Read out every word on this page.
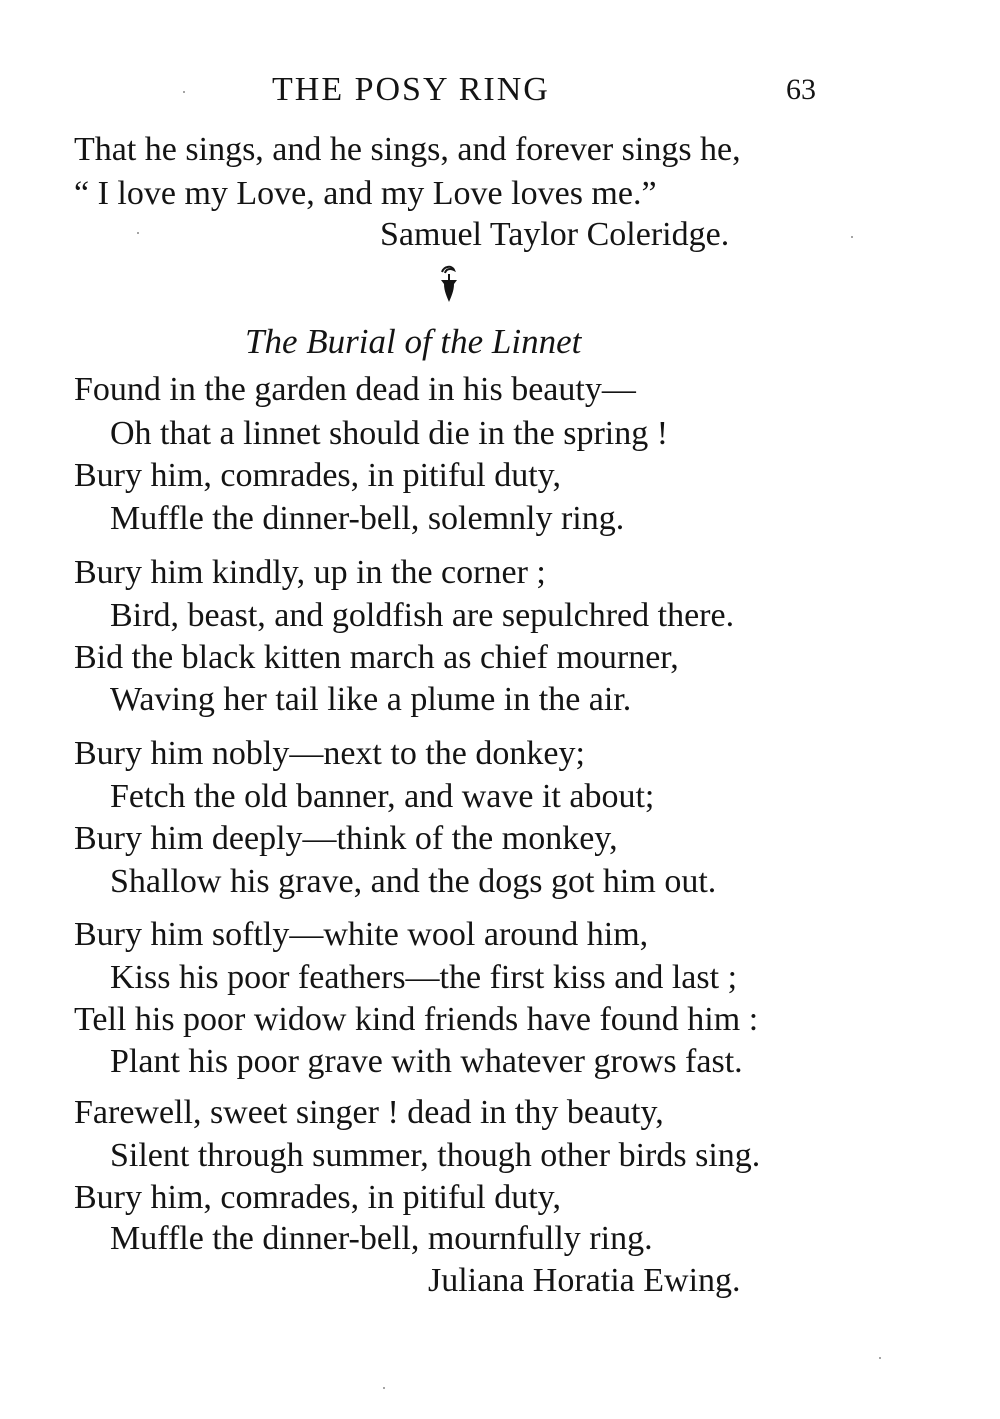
THE POSY RING	63
That he sings, and he sings, and forever sings he,
“ I love my Love, and my Love loves me.”
Samuel Taylor Coleridge.
The Burial of the Linnet
Found in the garden dead in his beauty—
Oh that a linnet should die in the spring !
Bury him, comrades, in pitiful duty,
Muffle the dinner-bell, solemnly ring.
Bury him kindly, up in the corner ;
Bird, beast, and goldfish are sepulchred there.
Bid the black kitten march as chief mourner,
Waving her tail like a plume in the air.
Bury him nobly—next to the donkey;
Fetch the old banner, and wave it about;
Bury him deeply—think of the monkey,
Shallow his grave, and the dogs got him out.
Bury him softly—white wool around him,
Kiss his poor feathers—the first kiss and last ;
Tell his poor widow kind friends have found him :
Plant his poor grave with whatever grows fast.
Farewell, sweet singer ! dead in thy beauty,
Silent through summer, though other birds sing.
Bury him, comrades, in pitiful duty,
Muffle the dinner-bell, mournfully ring.
Juliana Horatia Ewing.
